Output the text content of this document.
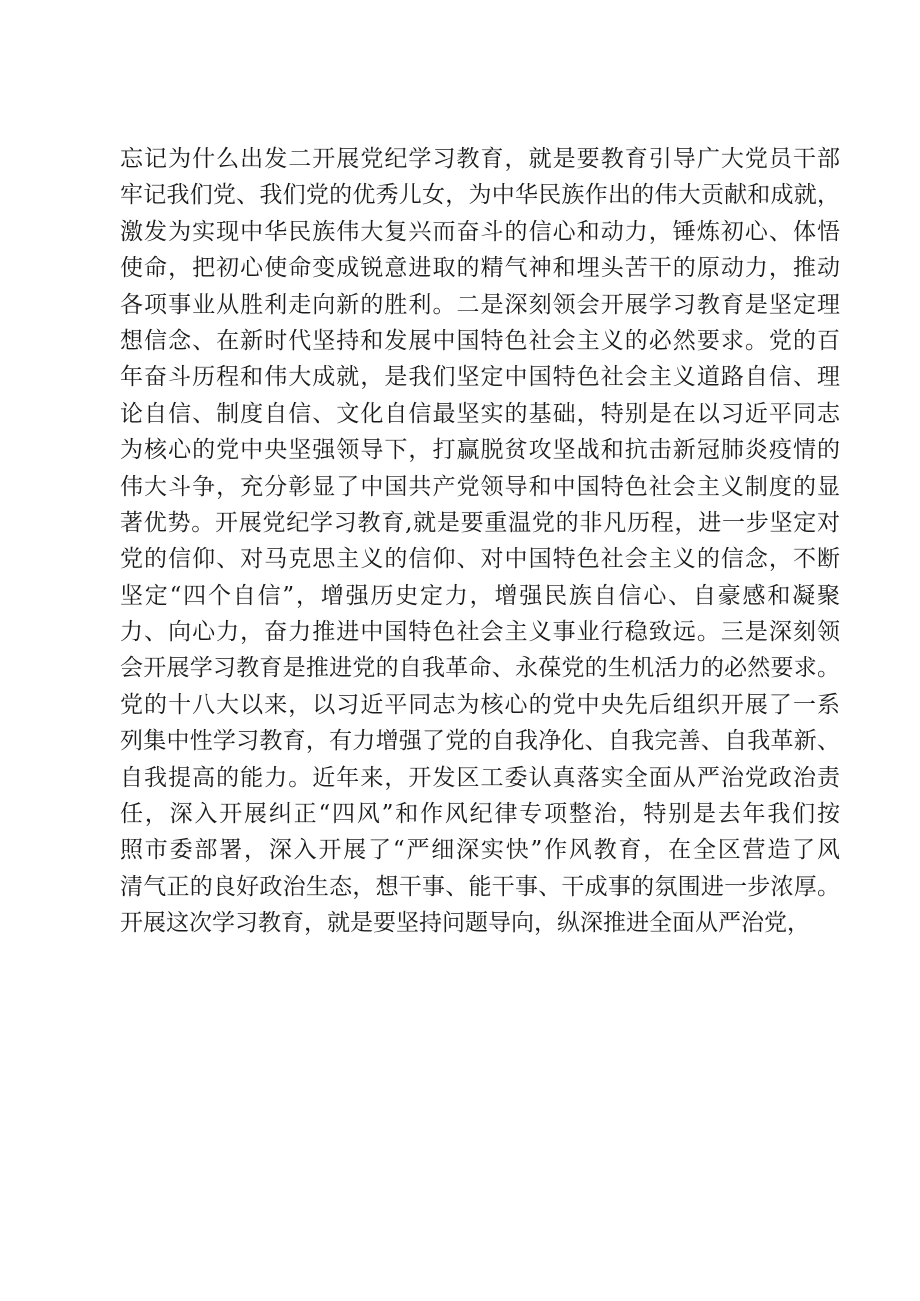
忘记为什么出发二开展党纪学习教育，就是要教育引导广大党员干部
牢记我们党、我们党的优秀儿女，为中华民族作出的伟大贡献和成就，
激发为实现中华民族伟大复兴而奋斗的信心和动力，锤炼初心、体悟
使命，把初心使命变成锐意进取的精气神和埋头苦干的原动力，推动
各项事业从胜利走向新的胜利。二是深刻领会开展学习教育是坚定理
想信念、在新时代坚持和发展中国特色社会主义的必然要求。党的百
年奋斗历程和伟大成就，是我们坚定中国特色社会主义道路自信、理
论自信、制度自信、文化自信最坚实的基础，特别是在以习近平同志
为核心的党中央坚强领导下，打赢脱贫攻坚战和抗击新冠肺炎疫情的
伟大斗争，充分彰显了中国共产党领导和中国特色社会主义制度的显
著优势。开展党纪学习教育,就是要重温党的非凡历程，进一步坚定对
党的信仰、对马克思主义的信仰、对中国特色社会主义的信念，不断
坚定“四个自信”，增强历史定力，增强民族自信心、自豪感和凝聚
力、向心力，奋力推进中国特色社会主义事业行稳致远。三是深刻领
会开展学习教育是推进党的自我革命、永葆党的生机活力的必然要求。
党的十八大以来，以习近平同志为核心的党中央先后组织开展了一系
列集中性学习教育，有力增强了党的自我净化、自我完善、自我革新、
自我提高的能力。近年来，开发区工委认真落实全面从严治党政治责
任，深入开展纠正“四风”和作风纪律专项整治，特别是去年我们按
照市委部署，深入开展了“严细深实快”作风教育，在全区营造了风
清气正的良好政治生态，想干事、能干事、干成事的氛围进一步浓厚。
开展这次学习教育，就是要坚持问题导向，纵深推进全面从严治党，
